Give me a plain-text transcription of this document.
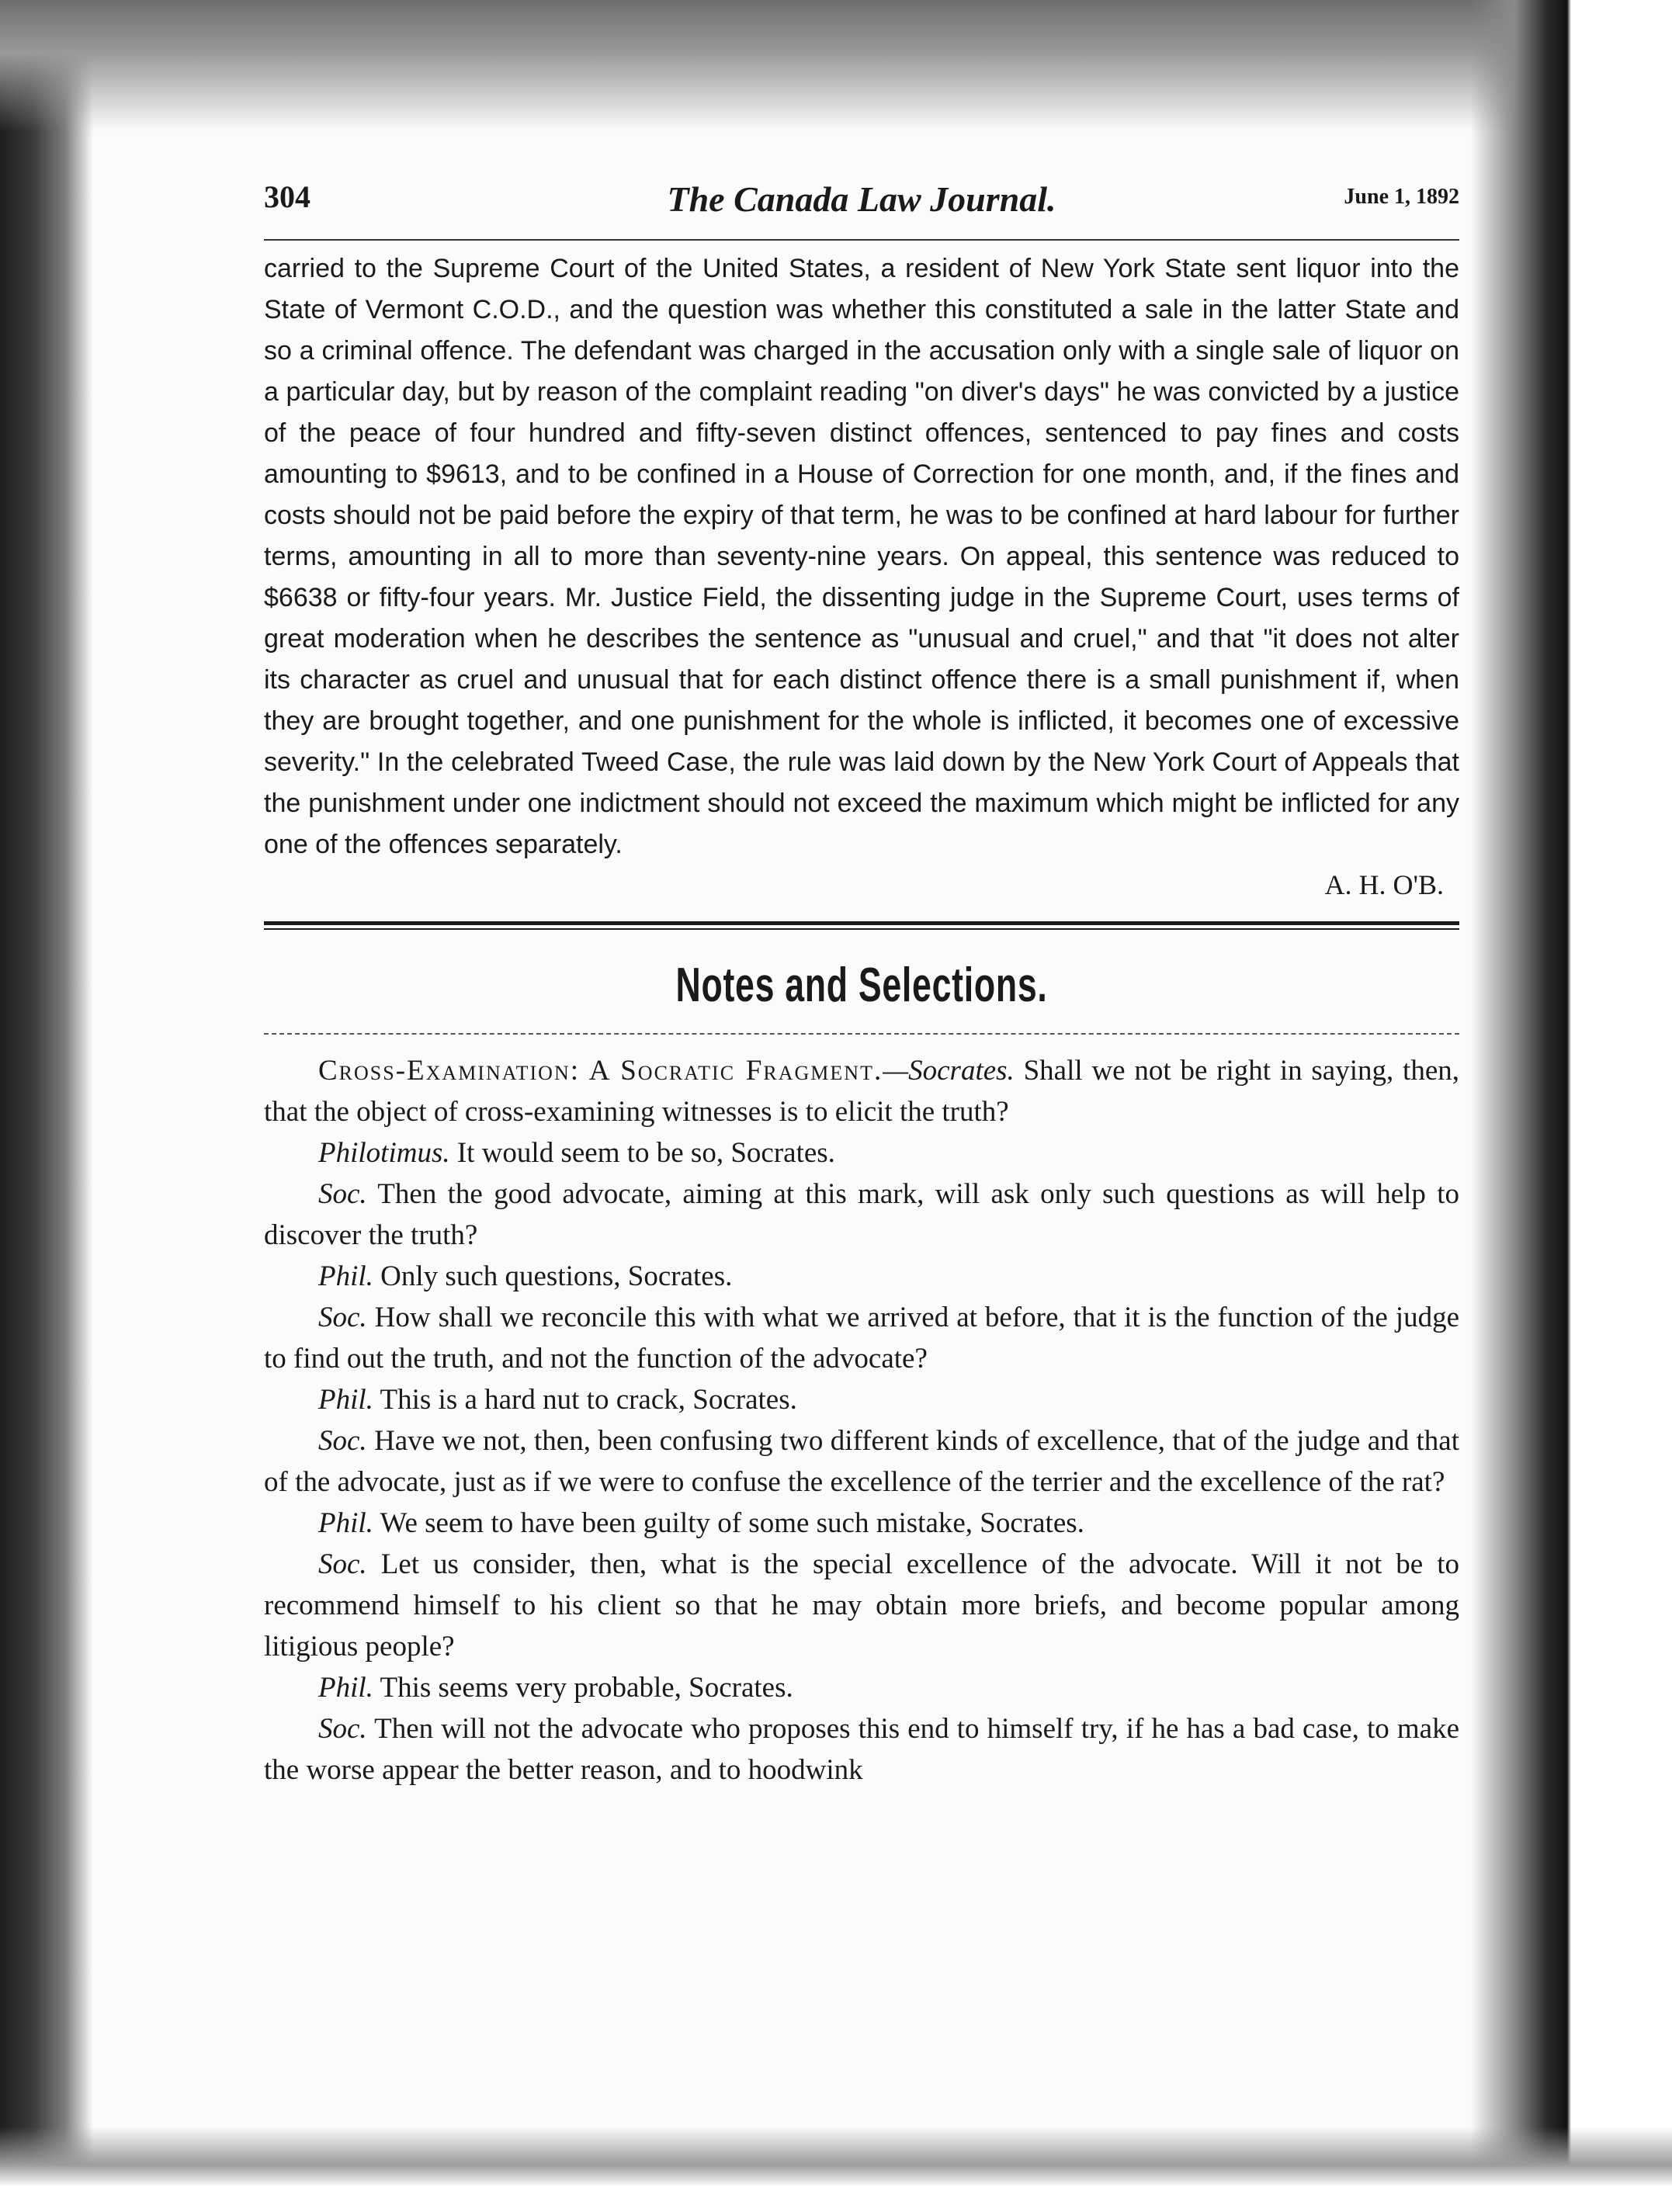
304	The Canada Law Journal.	June 1, 1892

carried to the Supreme Court of the United States, a resident of New York State sent liquor into the State of Vermont C.O.D., and the question was whether this constituted a sale in the latter State and so a criminal offence. The defendant was charged in the accusation only with a single sale of liquor on a particular day, but by reason of the complaint reading "on diver's days" he was convicted by a justice of the peace of four hundred and fifty-seven distinct offences, sentenced to pay fines and costs amounting to $9613, and to be confined in a House of Correction for one month, and, if the fines and costs should not be paid before the expiry of that term, he was to be confined at hard labour for further terms, amounting in all to more than seventy-nine years. On appeal, this sentence was reduced to $6638 or fifty-four years. Mr. Justice Field, the dissenting judge in the Supreme Court, uses terms of great moderation when he describes the sentence as "unusual and cruel," and that "it does not alter its character as cruel and unusual that for each distinct offence there is a small punishment if, when they are brought together, and one punishment for the whole is inflicted, it becomes one of excessive severity." In the celebrated Tweed Case, the rule was laid down by the New York Court of Appeals that the punishment under one indictment should not exceed the maximum which might be inflicted for any one of the offences separately.

A. H. O'B.
Notes and Selections.

Cross-Examination: A Socratic Fragment.—Socrates. Shall we not be right in saying, then, that the object of cross-examining witnesses is to elicit the truth?

Philotimus. It would seem to be so, Socrates.

Soc. Then the good advocate, aiming at this mark, will ask only such questions as will help to discover the truth?

Phil. Only such questions, Socrates.

Soc. How shall we reconcile this with what we arrived at before, that it is the function of the judge to find out the truth, and not the function of the advocate?

Phil. This is a hard nut to crack, Socrates.

Soc. Have we not, then, been confusing two different kinds of excellence, that of the judge and that of the advocate, just as if we were to confuse the excellence of the terrier and the excellence of the rat?

Phil. We seem to have been guilty of some such mistake, Socrates.

Soc. Let us consider, then, what is the special excellence of the advocate. Will it not be to recommend himself to his client so that he may obtain more briefs, and become popular among litigious people?

Phil. This seems very probable, Socrates.

Soc. Then will not the advocate who proposes this end to himself try, if he has a bad case, to make the worse appear the better reason, and to hoodwink
